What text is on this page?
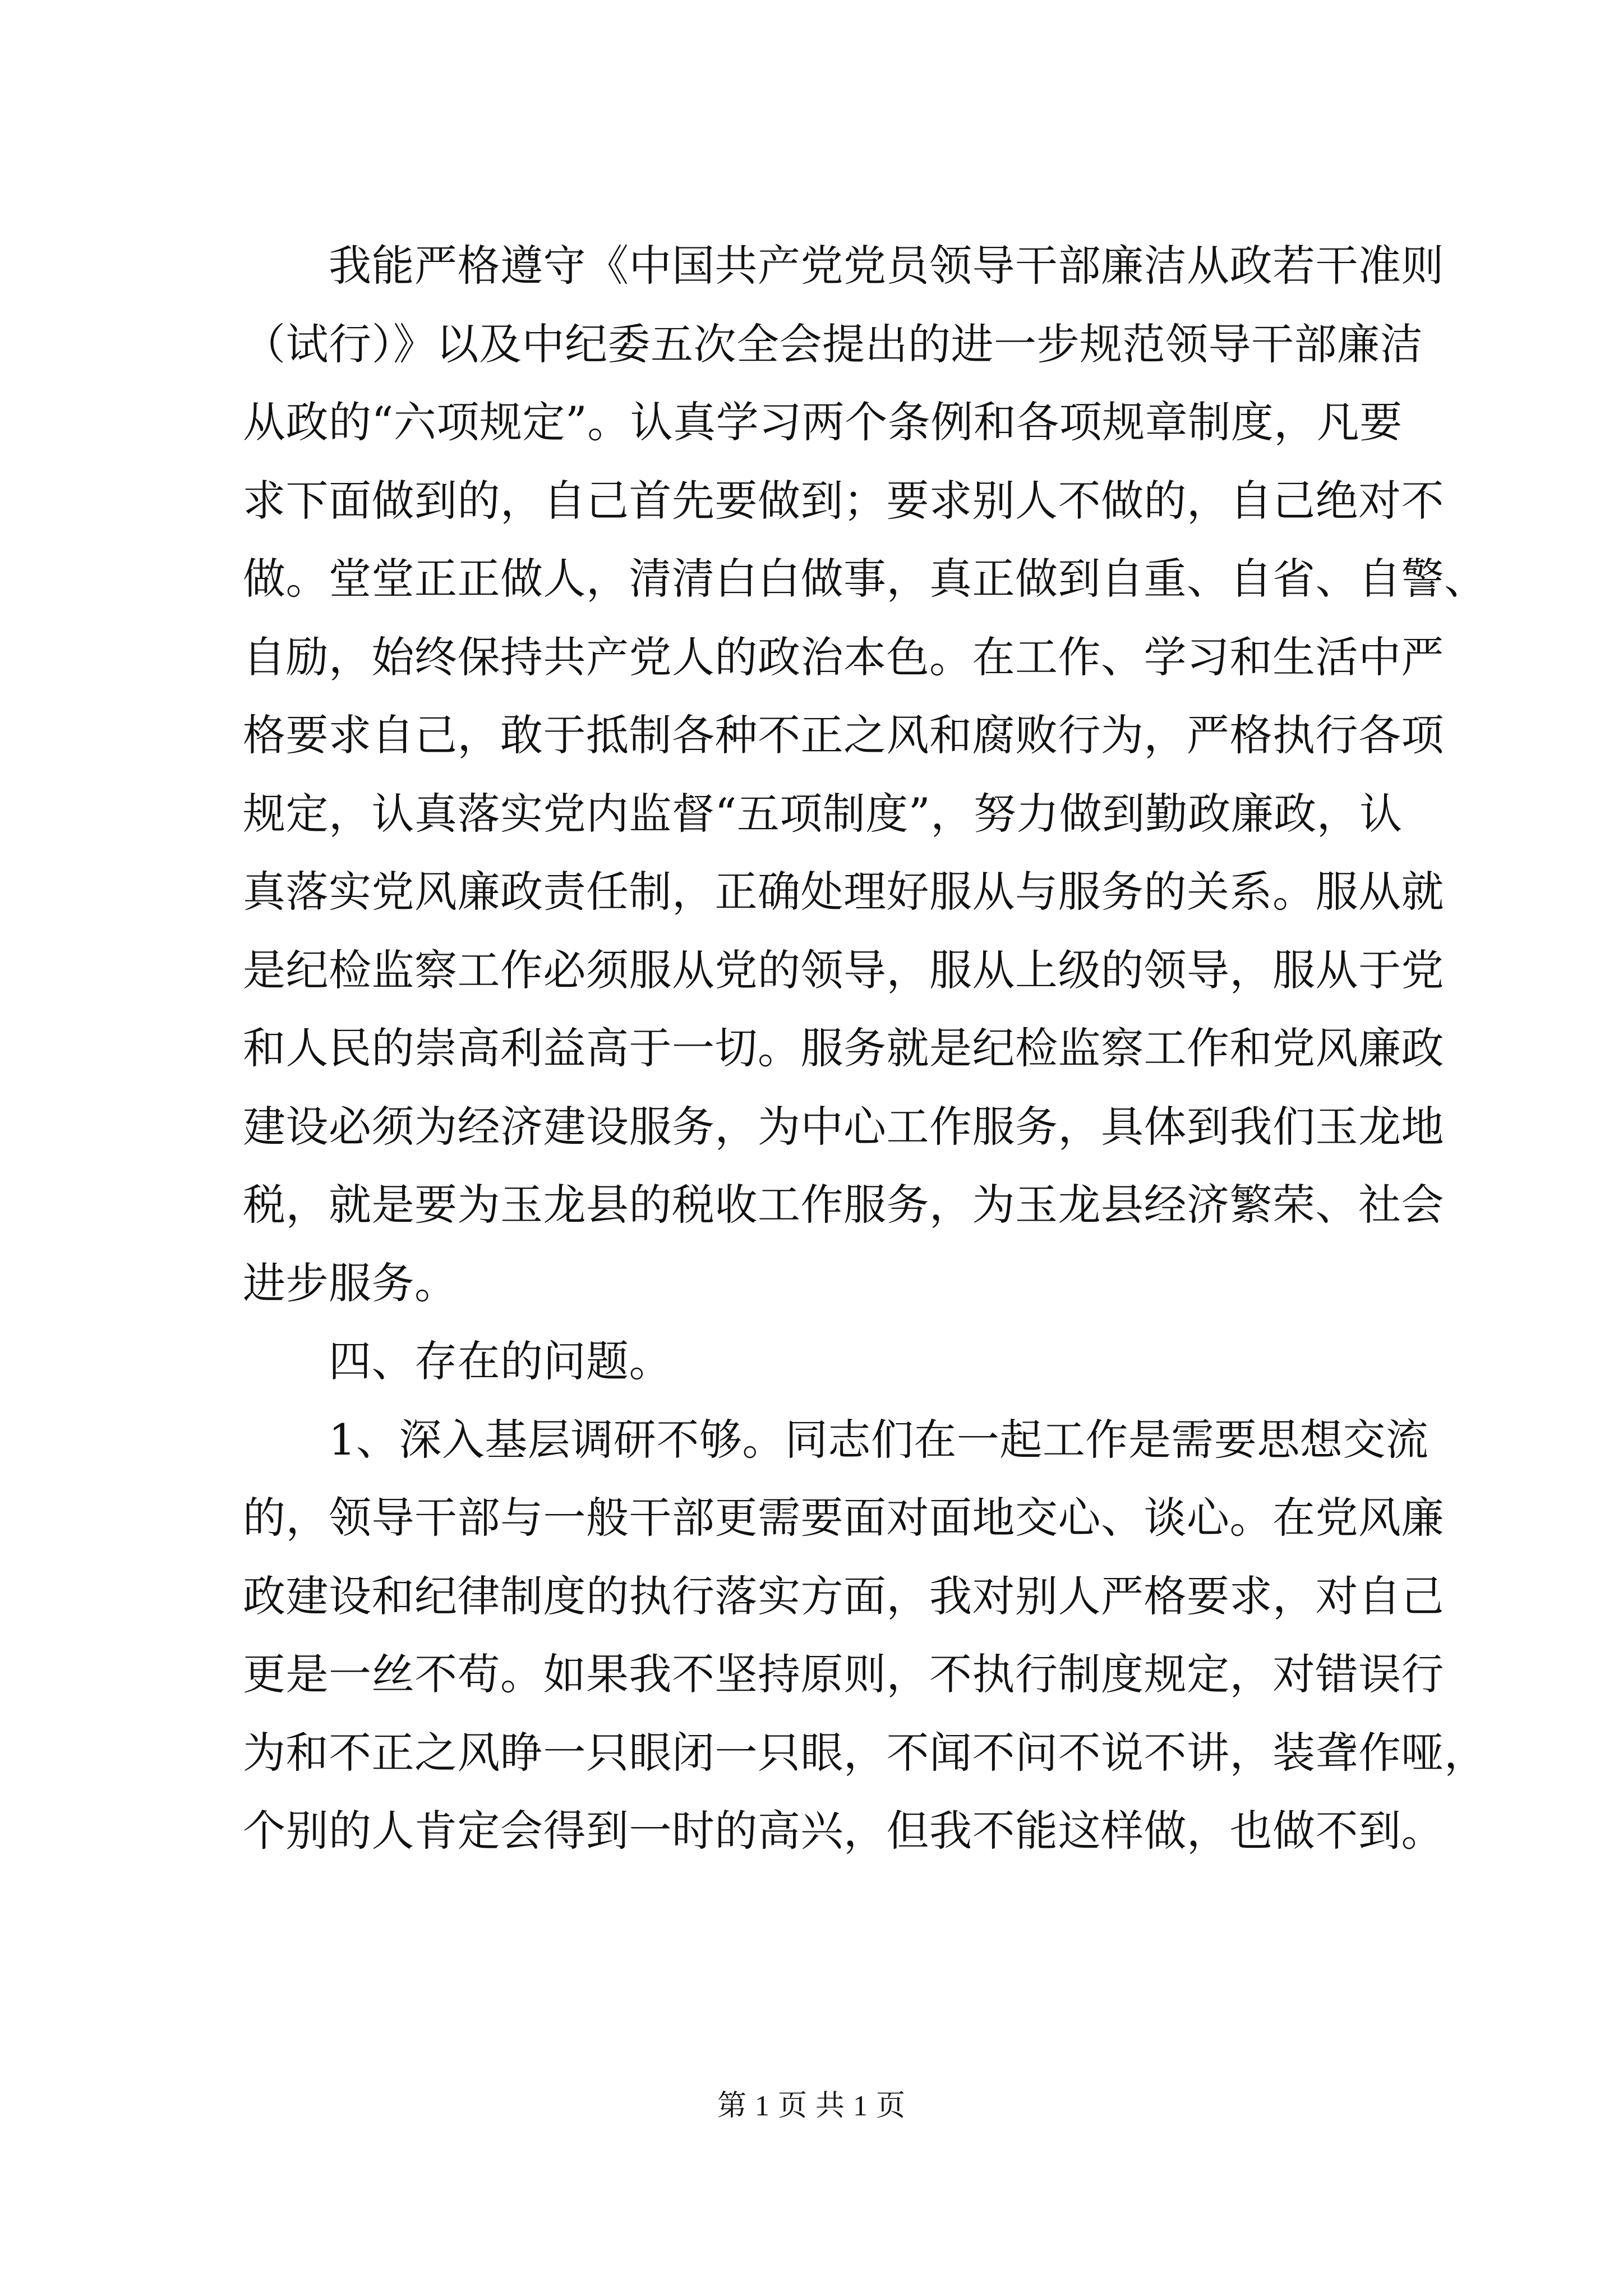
　　我能严格遵守《中国共产党党员领导干部廉洁从政若干准则
（试行）》以及中纪委五次全会提出的进一步规范领导干部廉洁
从政的“六项规定”。认真学习两个条例和各项规章制度，凡要
求下面做到的，自己首先要做到；要求别人不做的，自己绝对不
做。堂堂正正做人，清清白白做事，真正做到自重、自省、自警、
自励，始终保持共产党人的政治本色。在工作、学习和生活中严
格要求自己，敢于抵制各种不正之风和腐败行为，严格执行各项
规定，认真落实党内监督“五项制度”，努力做到勤政廉政，认
真落实党风廉政责任制，正确处理好服从与服务的关系。服从就
是纪检监察工作必须服从党的领导，服从上级的领导，服从于党
和人民的崇高利益高于一切。服务就是纪检监察工作和党风廉政
建设必须为经济建设服务，为中心工作服务，具体到我们玉龙地
税，就是要为玉龙县的税收工作服务，为玉龙县经济繁荣、社会
进步服务。
　　四、存在的问题。
　　1、深入基层调研不够。同志们在一起工作是需要思想交流
的，领导干部与一般干部更需要面对面地交心、谈心。在党风廉
政建设和纪律制度的执行落实方面，我对别人严格要求，对自己
更是一丝不苟。如果我不坚持原则，不执行制度规定，对错误行
为和不正之风睁一只眼闭一只眼，不闻不问不说不讲，装聋作哑，
个别的人肯定会得到一时的高兴，但我不能这样做，也做不到。
第 1 页 共 1 页
